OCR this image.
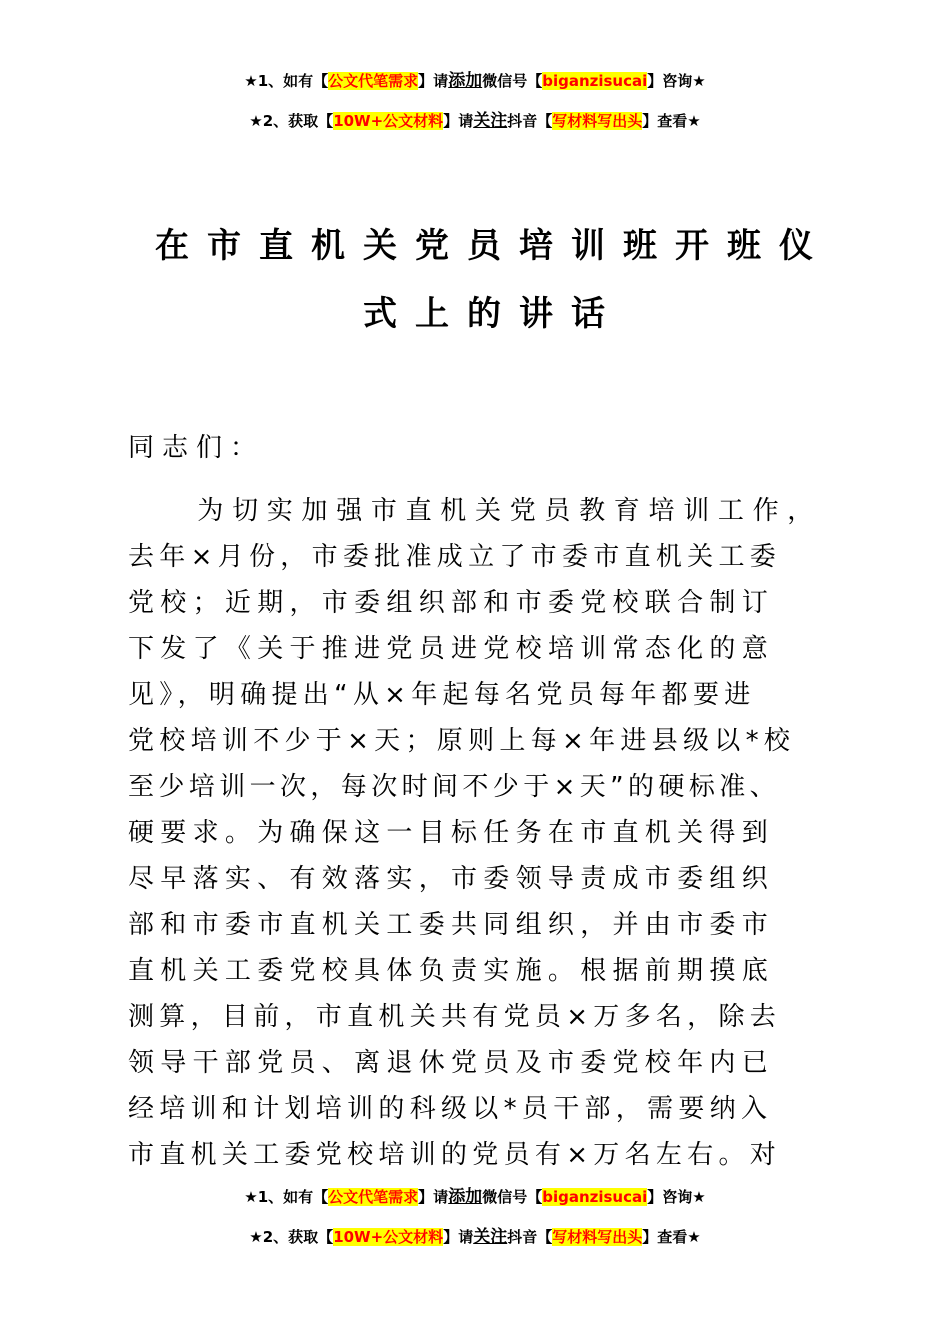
★1、如有【公文代笔需求】请添加微信号【biganzisucai】咨询★
★2、获取【10W+公文材料】请关注抖音【写材料写出头】查看★
在市直机关党员培训班开班仪
式上的讲话
同志们：
　　为切实加强市直机关党员教育培训工作，
去年×月份，市委批准成立了市委市直机关工委
党校；近期，市委组织部和市委党校联合制订
下发了《关于推进党员进党校培训常态化的意
见》，明确提出“从×年起每名党员每年都要进
党校培训不少于×天；原则上每×年进县级以*校
至少培训一次，每次时间不少于×天”的硬标准、
硬要求。为确保这一目标任务在市直机关得到
尽早落实、有效落实，市委领导责成市委组织
部和市委市直机关工委共同组织，并由市委市
直机关工委党校具体负责实施。根据前期摸底
测算，目前，市直机关共有党员×万多名，除去
领导干部党员、离退休党员及市委党校年内已
经培训和计划培训的科级以*员干部，需要纳入
市直机关工委党校培训的党员有×万名左右。对
★1、如有【公文代笔需求】请添加微信号【biganzisucai】咨询★
★2、获取【10W+公文材料】请关注抖音【写材料写出头】查看★
